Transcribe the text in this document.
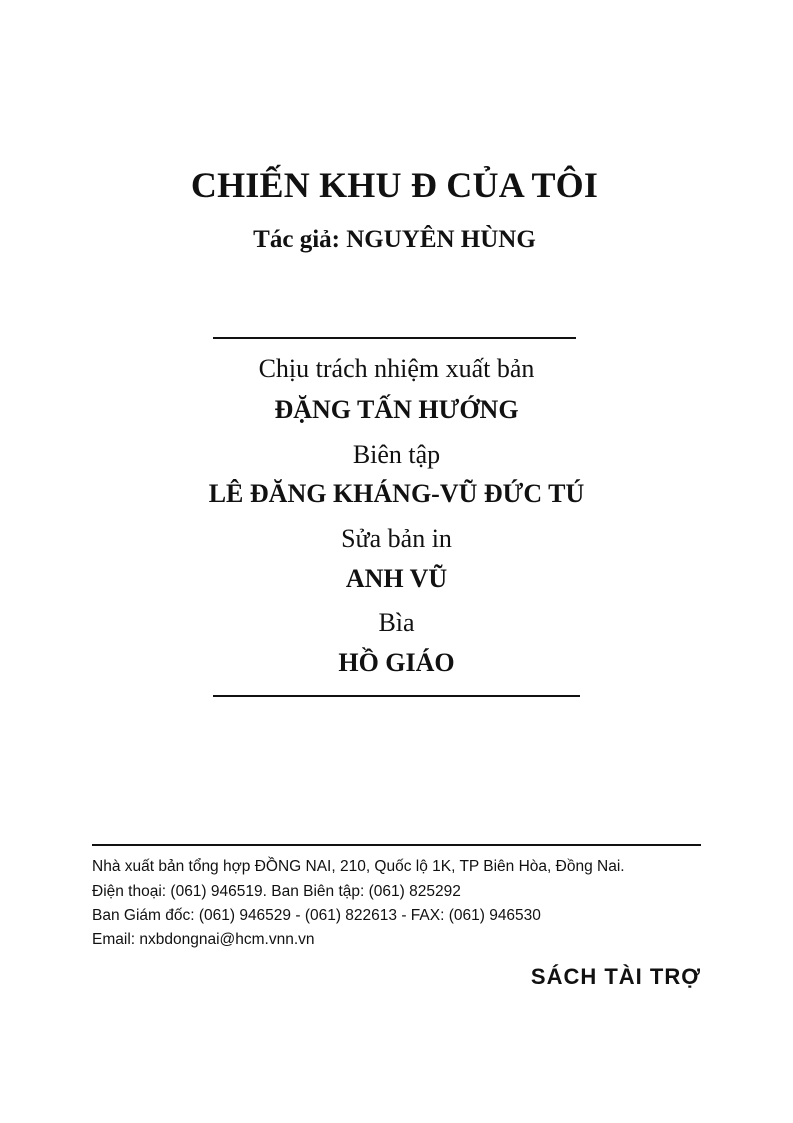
CHIẾN KHU Đ CỦA TÔI
Tác giả: NGUYÊN HÙNG
Chịu trách nhiệm xuất bản
ĐẶNG TẤN HƯỚNG
Biên tập
LÊ ĐĂNG KHÁNG-VŨ ĐỨC TÚ
Sửa bản in
ANH VŨ
Bìa
HỒ GIÁO
Nhà xuất bản tổng hợp ĐỒNG NAI, 210, Quốc lộ 1K, TP Biên Hòa, Đồng Nai.
Điện thoại: (061) 946519. Ban Biên tập: (061) 825292
Ban Giám đốc: (061) 946529 - (061) 822613 - FAX: (061) 946530
Email: nxbdongnai@hcm.vnn.vn
SÁCH TÀI TRỢ
